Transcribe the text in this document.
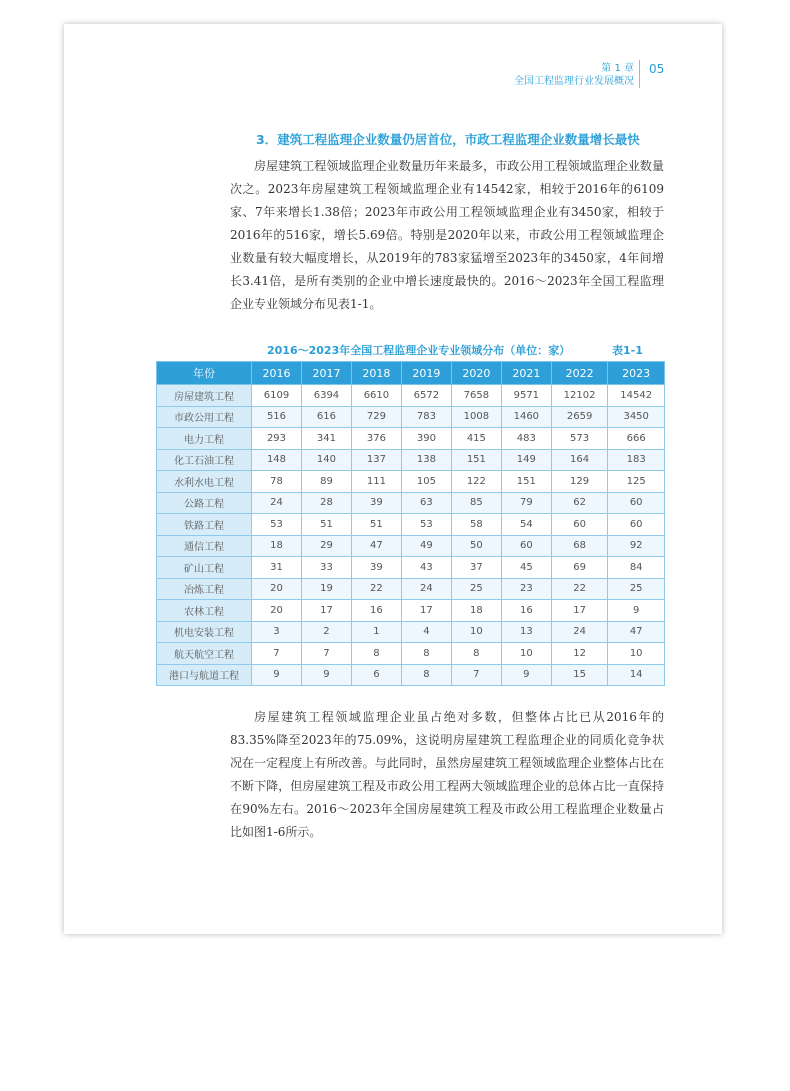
第 1 章
全国工程监理行业发展概况
05
3．建筑工程监理企业数量仍居首位，市政工程监理企业数量增长最快
房屋建筑工程领域监理企业数量历年来最多，市政公用工程领域监理企业数量次之。2023年房屋建筑工程领域监理企业有14542家，相较于2016年的6109家、7年来增长1.38倍；2023年市政公用工程领域监理企业有3450家，相较于2016年的516家，增长5.69倍。特别是2020年以来，市政公用工程领域监理企业数量有较大幅度增长，从2019年的783家猛增至2023年的3450家，4年间增长3.41倍，是所有类别的企业中增长速度最快的。2016～2023年全国工程监理企业专业领域分布见表1-1。
2016～2023年全国工程监理企业专业领域分布（单位：家）	表1-1
年份	2016	2017	2018	2019	2020	2021	2022	2023
房屋建筑工程	6109	6394	6610	6572	7658	9571	12102	14542
市政公用工程	516	616	729	783	1008	1460	2659	3450
电力工程	293	341	376	390	415	483	573	666
化工石油工程	148	140	137	138	151	149	164	183
水利水电工程	78	89	111	105	122	151	129	125
公路工程	24	28	39	63	85	79	62	60
铁路工程	53	51	51	53	58	54	60	60
通信工程	18	29	47	49	50	60	68	92
矿山工程	31	33	39	43	37	45	69	84
冶炼工程	20	19	22	24	25	23	22	25
农林工程	20	17	16	17	18	16	17	9
机电安装工程	3	2	1	4	10	13	24	47
航天航空工程	7	7	8	8	8	10	12	10
港口与航道工程	9	9	6	8	7	9	15	14
房屋建筑工程领域监理企业虽占绝对多数，但整体占比已从2016年的83.35%降至2023年的75.09%，这说明房屋建筑工程监理企业的同质化竞争状况在一定程度上有所改善。与此同时，虽然房屋建筑工程领域监理企业整体占比在不断下降，但房屋建筑工程及市政公用工程两大领域监理企业的总体占比一直保持在90%左右。2016～2023年全国房屋建筑工程及市政公用工程监理企业数量占比如图1-6所示。
